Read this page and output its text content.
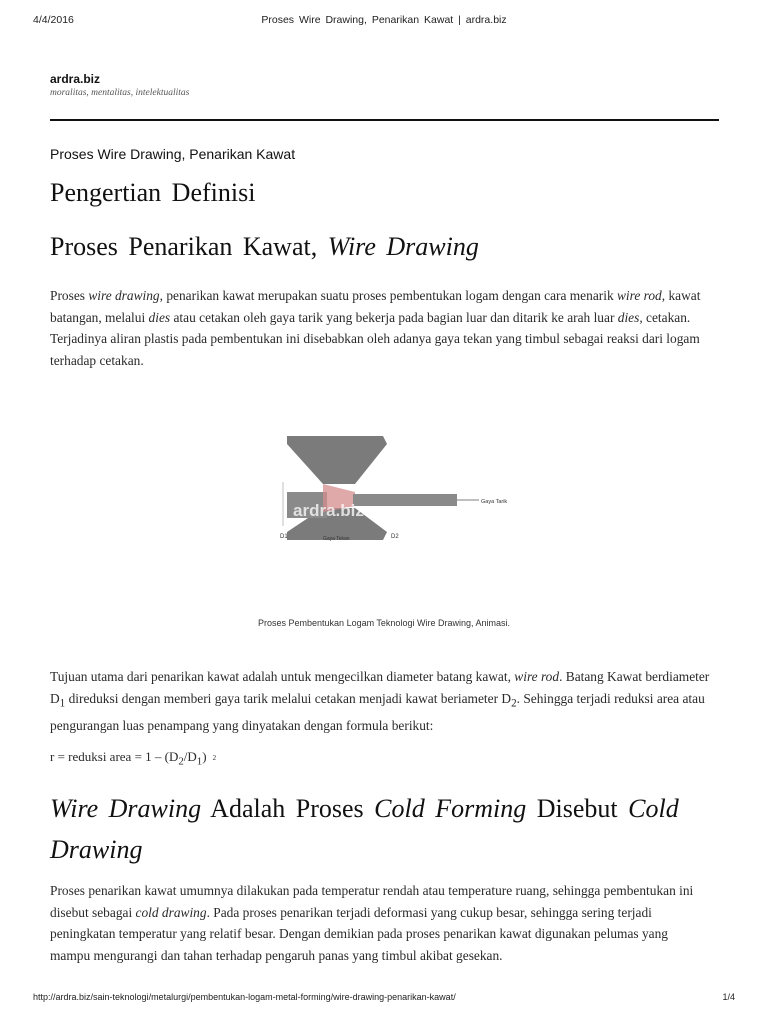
4/4/2016	Proses Wire Drawing, Penarikan Kawat | ardra.biz
ardra.biz
moralitas, mentalitas, intelektualitas
Proses Wire Drawing, Penarikan Kawat
Pengertian Definisi
Proses Penarikan Kawat, Wire Drawing

Proses wire drawing, penarikan kawat merupakan suatu proses pembentukan logam dengan cara menarik wire rod, kawat batangan, melalui dies atau cetakan oleh gaya tarik yang bekerja pada bagian luar dan ditarik ke arah luar dies, cetakan. Terjadinya aliran plastis pada pembentukan ini disebabkan oleh adanya gaya tekan yang timbul sebagai reaksi dari logam terhadap cetakan.

ardra.biz	Gaya Tarik
D1	D2
Gaya Tekan
Proses Pembentukan Logam Teknologi Wire Drawing, Animasi.

Tujuan utama dari penarikan kawat adalah untuk mengecilkan diameter batang kawat, wire rod. Batang Kawat berdiameter $D_1$ direduksi dengan memberi gaya tarik melalui cetakan menjadi kawat beriameter $D_2$. Sehingga terjadi reduksi area atau pengurangan luas penampang yang dinyatakan dengan formula berikut:

r = reduksi area = $1 - (D_2/D_1)$ 2
Wire Drawing Adalah Proses Cold Forming Disebut Cold Drawing

Proses penarikan kawat umumnya dilakukan pada temperatur rendah atau temperature ruang, sehingga pembentukan ini disebut sebagai cold drawing. Pada proses penarikan terjadi deformasi yang cukup besar, sehingga sering terjadi peningkatan temperatur yang relatif besar. Dengan demikian pada proses penarikan kawat digunakan pelumas yang mampu mengurangi dan tahan terhadap pengaruh panas yang timbul akibat gesekan.

http://ardra.biz/sain-teknologi/metalurgi/pembentukan-logam-metal-forming/wire-drawing-penarikan-kawat/	1/4
